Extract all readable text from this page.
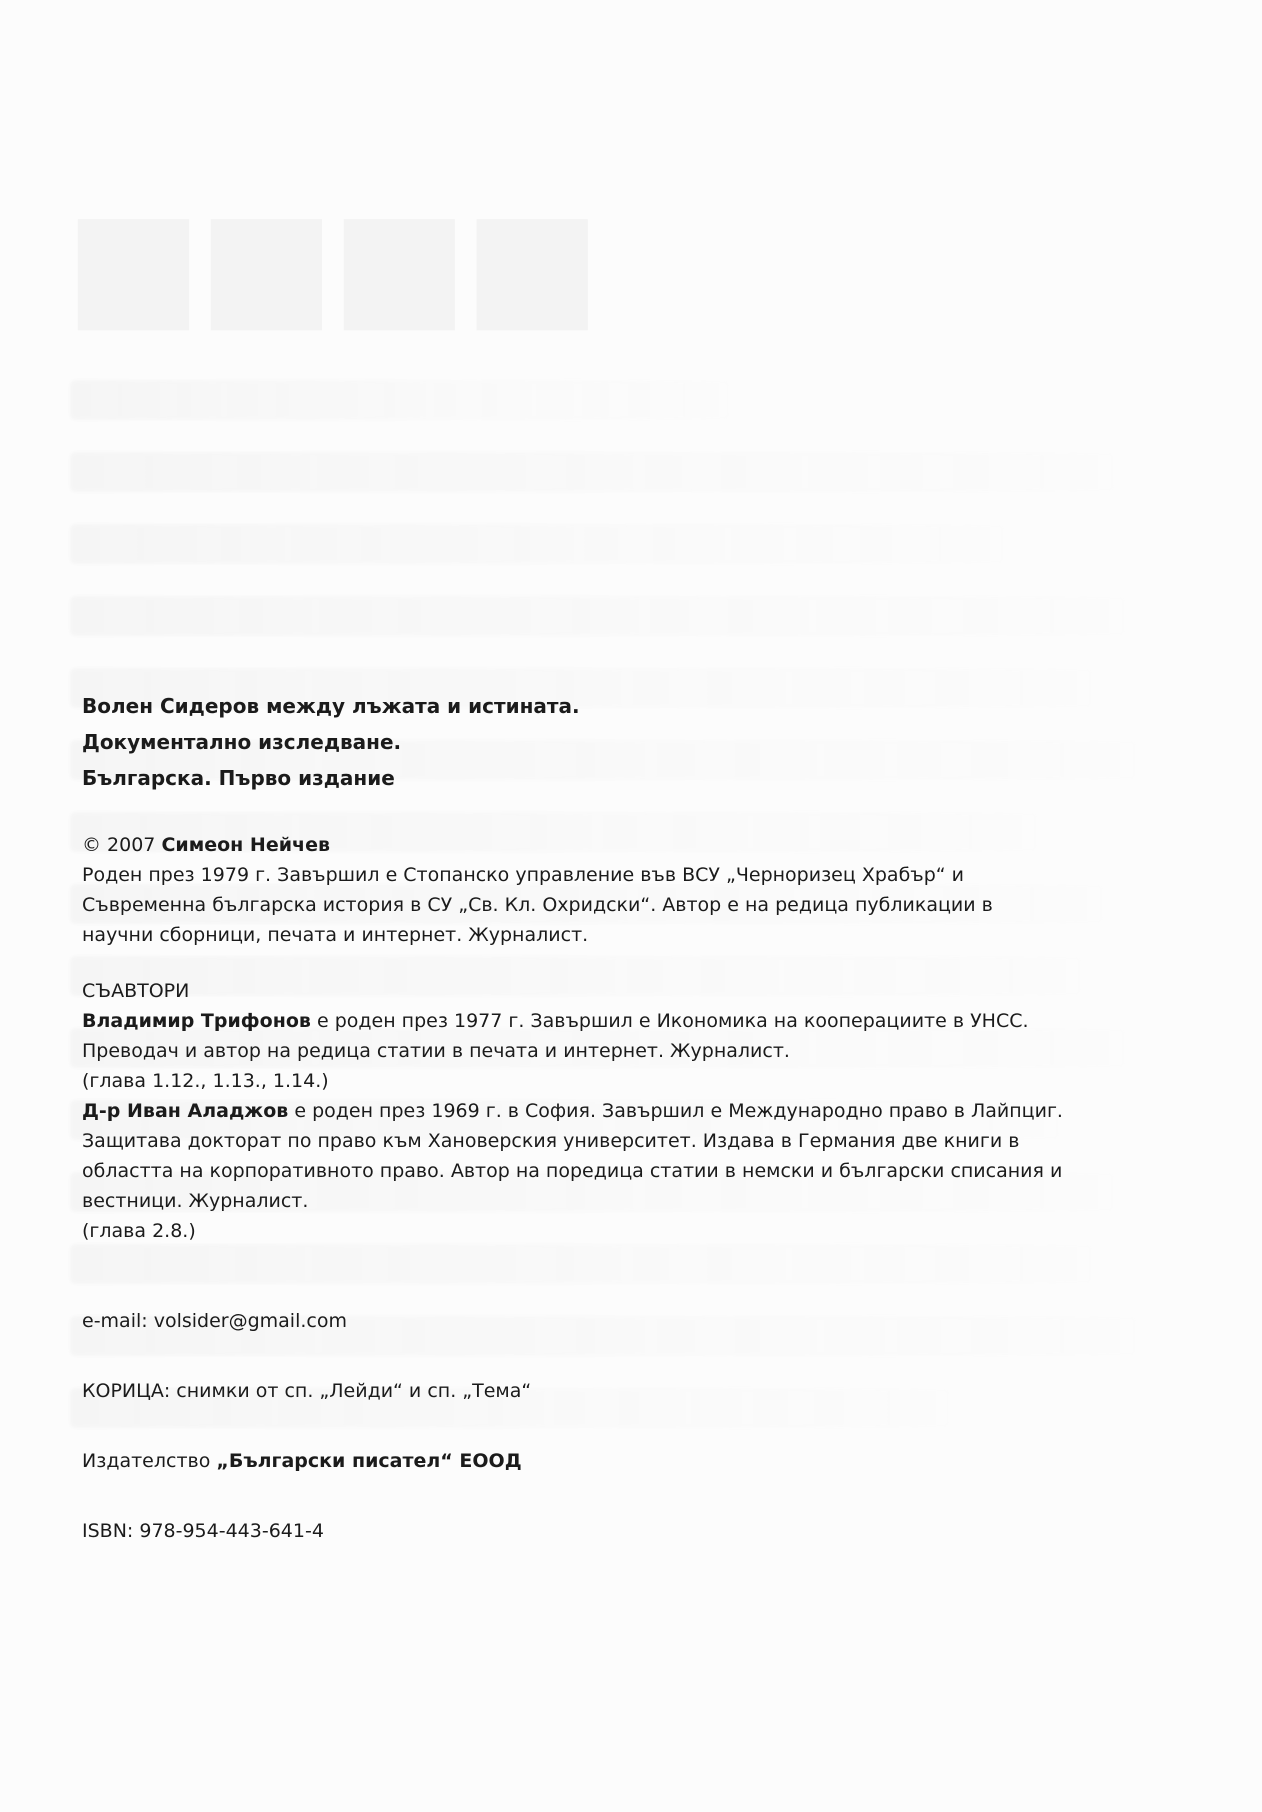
■■■■
Волен Сидеров между лъжата и истината.
Документално изследване.
Българска. Първо издание
© 2007 Симеон Нейчев
Роден през 1979 г. Завършил е Стопанско управление във ВСУ „Черноризец Храбър“ и
Съвременна българска история в СУ „Св. Кл. Охридски“. Автор е на редица публикации в
научни сборници, печата и интернет. Журналист.
СЪАВТОРИ
Владимир Трифонов е роден през 1977 г. Завършил е Икономика на кооперациите в УНСС.
Преводач и автор на редица статии в печата и интернет. Журналист.
(глава 1.12., 1.13., 1.14.)
Д-р Иван Аладжов е роден през 1969 г. в София. Завършил е Международно право в Лайпциг.
Защитава докторат по право към Хановерския университет. Издава в Германия две книги в
областта на корпоративното право. Автор на поредица статии в немски и български списания и
вестници. Журналист.
(глава 2.8.)
e-mail: volsider@gmail.com
КОРИЦА: снимки от сп. „Лейди“ и сп. „Тема“
Издателство „Български писател“ ЕООД
ISBN: 978-954-443-641-4
